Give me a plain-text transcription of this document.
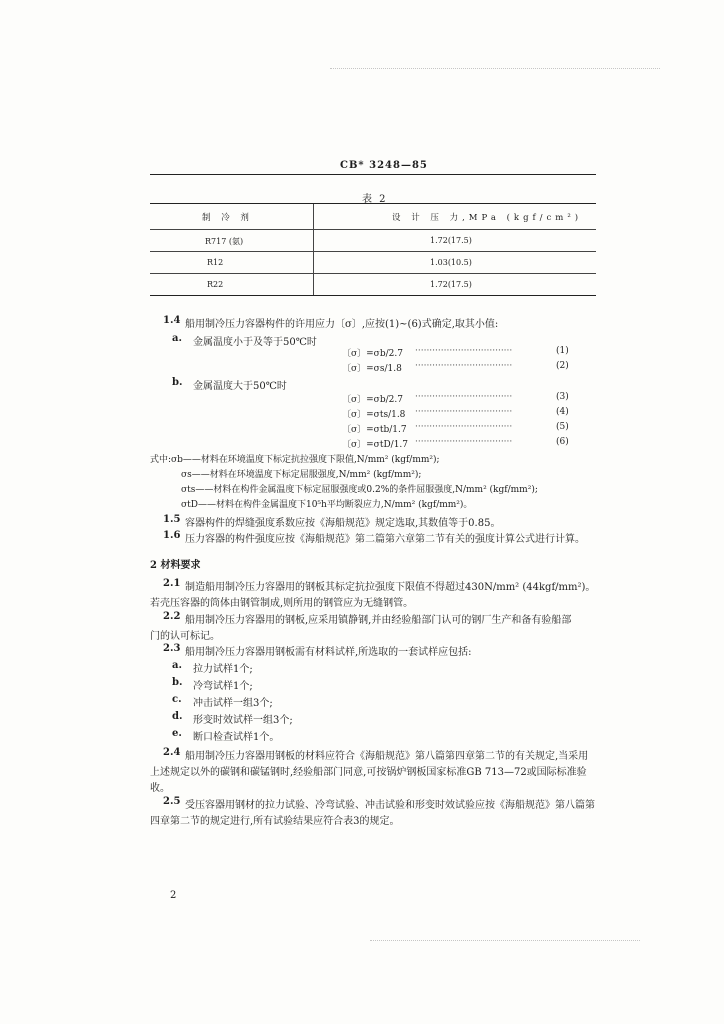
CB* 3248—85
表 2
制 冷 剂	设 计 压 力,MPa (kgf/cm²)
R717 (氨)	1.72(17.5)
R12	1.03(10.5)
R22	1.72(17.5)
1.4 船用制冷压力容器构件的许用应力〔σ〕,应按(1)~(6)式确定,取其小值:
a. 金属温度小于及等于50℃时
〔σ〕=σb/2.7 ··································	(1)
〔σ〕=σs/1.8 ··································	(2)
b. 金属温度大于50℃时
〔σ〕=σb/2.7 ··································	(3)
〔σ〕=σts/1.8 ··································	(4)
〔σ〕=σtb/1.7 ··································	(5)
〔σ〕=σtD/1.7 ··································	(6)
式中:σb——材料在环境温度下标定抗拉强度下限值,N/mm² (kgf/mm²);
σs——材料在环境温度下标定屈服强度,N/mm² (kgf/mm²);
σts——材料在构件金属温度下标定屈服强度或0.2%的条件屈服强度,N/mm² (kgf/mm²);
σtD——材料在构件金属温度下10⁵h平均断裂应力,N/mm² (kgf/mm²)。
1.5 容器构件的焊缝强度系数应按《海船规范》规定选取,其数值等于0.85。
1.6 压力容器的构件强度应按《海船规范》第二篇第六章第二节有关的强度计算公式进行计算。
2 材料要求
2.1 制造船用制冷压力容器用的钢板其标定抗拉强度下限值不得超过430N/mm² (44kgf/mm²)。
若壳压容器的筒体由钢管制成,则所用的钢管应为无缝钢管。
2.2 船用制冷压力容器用的钢板,应采用镇静钢,并由经验船部门认可的钢厂生产和备有验船部
门的认可标记。
2.3 船用制冷压力容器用钢板需有材料试样,所选取的一套试样应包括:
a. 拉力试样1个;
b. 冷弯试样1个;
c. 冲击试样一组3个;
d. 形变时效试样一组3个;
e. 断口检查试样1个。
2.4 船用制冷压力容器用钢板的材料应符合《海船规范》第八篇第四章第二节的有关规定,当采用
上述规定以外的碳钢和碳锰钢时,经验船部门同意,可按锅炉钢板国家标准GB 713—72或国际标准验
收。
2.5 受压容器用钢材的拉力试验、冷弯试验、冲击试验和形变时效试验应按《海船规范》第八篇第
四章第二节的规定进行,所有试验结果应符合表3的规定。
2
